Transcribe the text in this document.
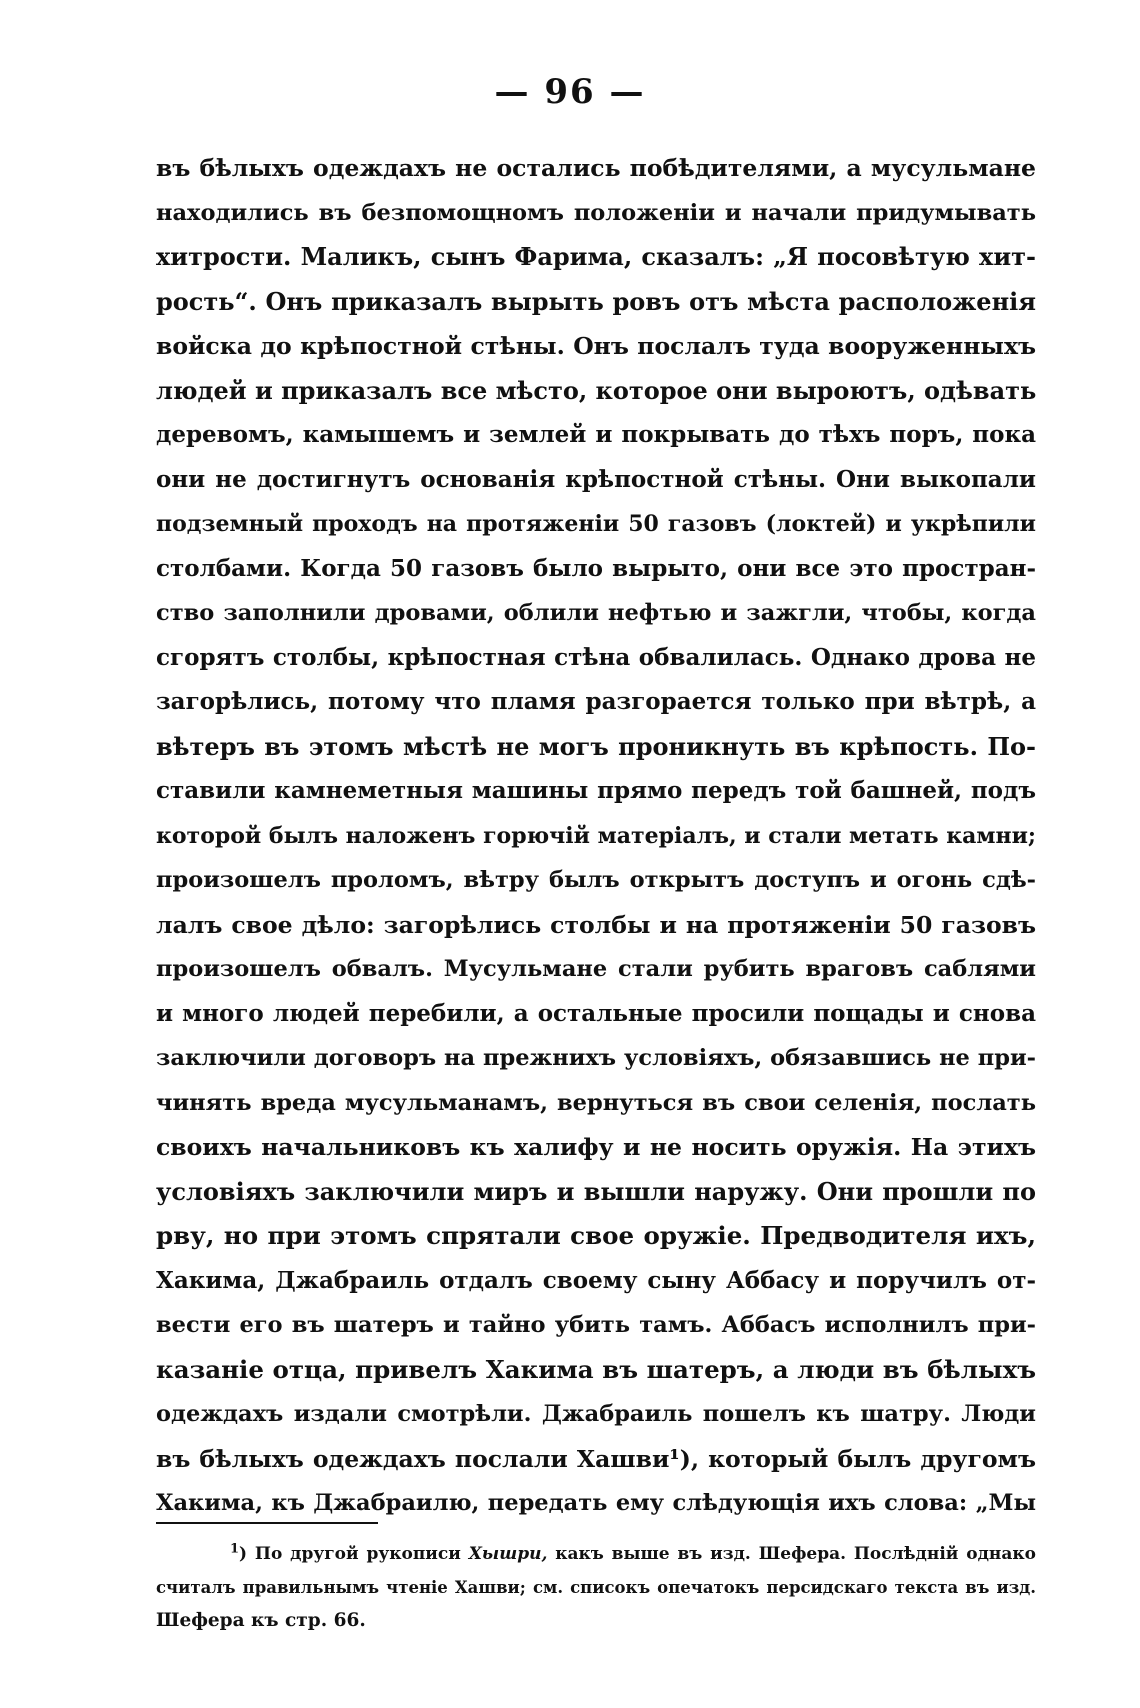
— 96 —
въ бѣлыхъ одеждахъ не остались побѣдителями, а мусульмане
находились въ безпомощномъ положеніи и начали придумывать
хитрости. Маликъ, сынъ Фарима, сказалъ: „Я посовѣтую хит-
рость“. Онъ приказалъ вырыть ровъ отъ мѣста расположенія
войска до крѣпостной стѣны. Онъ послалъ туда вооруженныхъ
людей и приказалъ все мѣсто, которое они выроютъ, одѣвать
деревомъ, камышемъ и землей и покрывать до тѣхъ поръ, пока
они не достигнутъ основанія крѣпостной стѣны. Они выкопали
подземный проходъ на протяженіи 50 газовъ (локтей) и укрѣпили
столбами. Когда 50 газовъ было вырыто, они все это простран-
ство заполнили дровами, облили нефтью и зажгли, чтобы, когда
сгорятъ столбы, крѣпостная стѣна обвалилась. Однако дрова не
загорѣлись, потому что пламя разгорается только при вѣтрѣ, а
вѣтеръ въ этомъ мѣстѣ не могъ проникнуть въ крѣпость. По-
ставили камнеметныя машины прямо передъ той башней, подъ
которой былъ наложенъ горючій матеріалъ, и стали метать камни;
произошелъ проломъ, вѣтру былъ открытъ доступъ и огонь сдѣ-
лалъ свое дѣло: загорѣлись столбы и на протяженіи 50 газовъ
произошелъ обвалъ. Мусульмане стали рубить враговъ саблями
и много людей перебили, а остальные просили пощады и снова
заключили договоръ на прежнихъ условіяхъ, обязавшись не при-
чинять вреда мусульманамъ, вернуться въ свои селенія, послать
своихъ начальниковъ къ халифу и не носить оружія. На этихъ
условіяхъ заключили миръ и вышли наружу. Они прошли по
рву, но при этомъ спрятали свое оружіе. Предводителя ихъ,
Хакима, Джабраиль отдалъ своему сыну Аббасу и поручилъ от-
вести его въ шатеръ и тайно убить тамъ. Аббасъ исполнилъ при-
казаніе отца, привелъ Хакима въ шатеръ, а люди въ бѣлыхъ
одеждахъ издали смотрѣли. Джабраиль пошелъ къ шатру. Люди
въ бѣлыхъ одеждахъ послали Хашви¹), который былъ другомъ
Хакима, къ Джабраилю, передать ему слѣдующія ихъ слова: „Мы
$^1$) По другой рукописи Хышри, какъ выше въ изд. Шефера. Послѣдній однако
считалъ правильнымъ чтеніе Хашви; см. списокъ опечатокъ персидскаго текста въ изд.
Шефера къ стр. 66.
